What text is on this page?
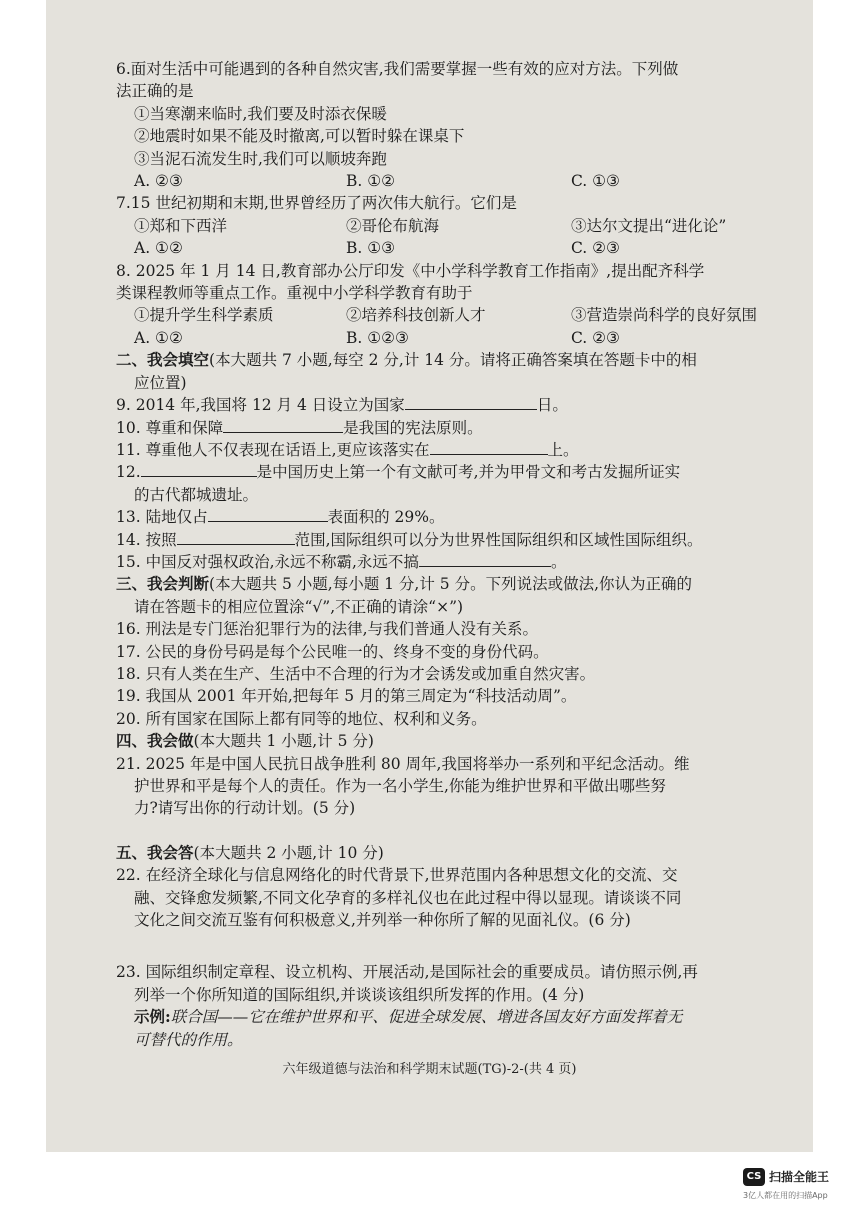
6.面对生活中可能遇到的各种自然灾害,我们需要掌握一些有效的应对方法。下列做
法正确的是
①当寒潮来临时,我们要及时添衣保暖
②地震时如果不能及时撤离,可以暂时躲在课桌下
③当泥石流发生时,我们可以顺坡奔跑
A. ②③	B. ①②	C. ①③
7.15 世纪初期和末期,世界曾经历了两次伟大航行。它们是
①郑和下西洋	②哥伦布航海	③达尔文提出“进化论”
A. ①②	B. ①③	C. ②③
8. 2025 年 1 月 14 日,教育部办公厅印发《中小学科学教育工作指南》,提出配齐科学
类课程教师等重点工作。重视中小学科学教育有助于
①提升学生科学素质	②培养科技创新人才	③营造崇尚科学的良好氛围
A. ①②	B. ①②③	C. ②③
二、我会填空(本大题共 7 小题,每空 2 分,计 14 分。请将正确答案填在答题卡中的相
应位置)
9. 2014 年,我国将 12 月 4 日设立为国家	日。
10. 尊重和保障	是我国的宪法原则。
11. 尊重他人不仅表现在话语上,更应该落实在	上。
12.	是中国历史上第一个有文献可考,并为甲骨文和考古发掘所证实
的古代都城遗址。
13. 陆地仅占	表面积的 29%。
14. 按照	范围,国际组织可以分为世界性国际组织和区域性国际组织。
15. 中国反对强权政治,永远不称霸,永远不搞	。
三、我会判断(本大题共 5 小题,每小题 1 分,计 5 分。下列说法或做法,你认为正确的
请在答题卡的相应位置涂“√”,不正确的请涂“×”)
16. 刑法是专门惩治犯罪行为的法律,与我们普通人没有关系。
17. 公民的身份号码是每个公民唯一的、终身不变的身份代码。
18. 只有人类在生产、生活中不合理的行为才会诱发或加重自然灾害。
19. 我国从 2001 年开始,把每年 5 月的第三周定为“科技活动周”。
20. 所有国家在国际上都有同等的地位、权利和义务。
四、我会做(本大题共 1 小题,计 5 分)
21. 2025 年是中国人民抗日战争胜利 80 周年,我国将举办一系列和平纪念活动。维
护世界和平是每个人的责任。作为一名小学生,你能为维护世界和平做出哪些努
力?请写出你的行动计划。(5 分)
五、我会答(本大题共 2 小题,计 10 分)
22. 在经济全球化与信息网络化的时代背景下,世界范围内各种思想文化的交流、交
融、交锋愈发频繁,不同文化孕育的多样礼仪也在此过程中得以显现。请谈谈不同
文化之间交流互鉴有何积极意义,并列举一种你所了解的见面礼仪。(6 分)
23. 国际组织制定章程、设立机构、开展活动,是国际社会的重要成员。请仿照示例,再
列举一个你所知道的国际组织,并谈谈该组织所发挥的作用。(4 分)
示例:联合国——它在维护世界和平、促进全球发展、增进各国友好方面发挥着无
可替代的作用。
六年级道德与法治和科学期末试题(TG)-2-(共 4 页)
CS 扫描全能王
3亿人都在用的扫描App
